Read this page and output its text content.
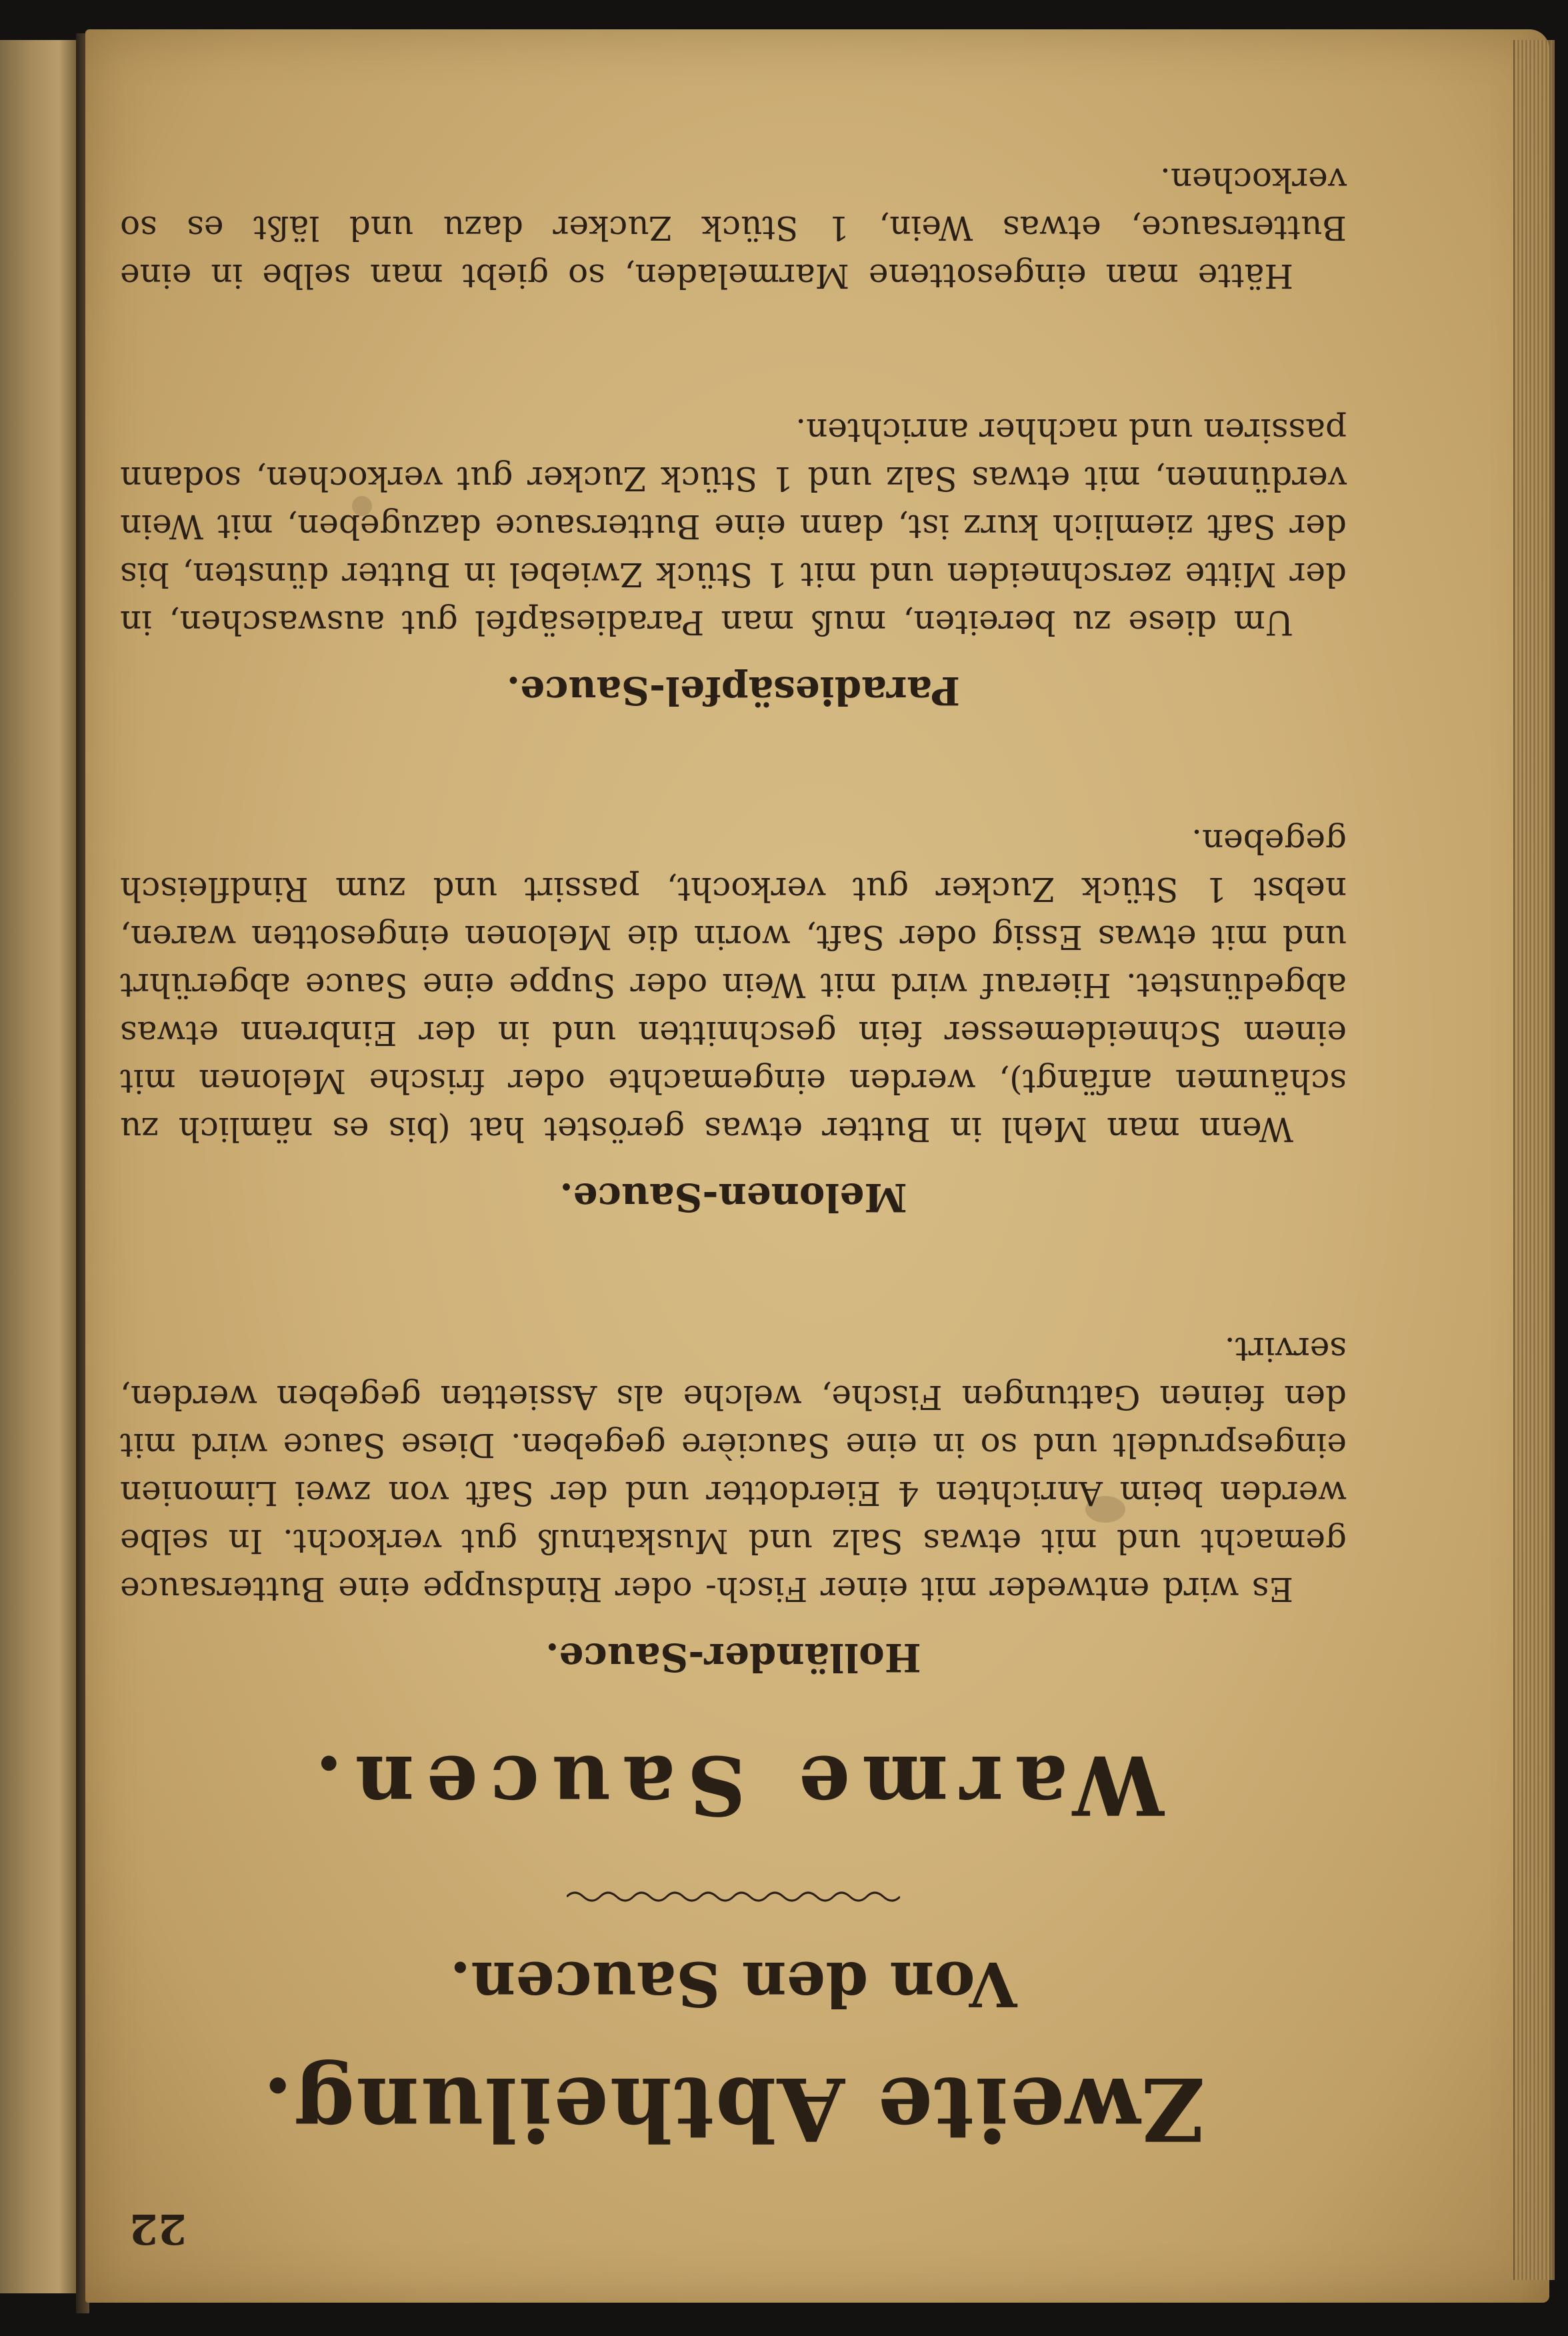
22
Zweite Abtheilung.
Von den Saucen.
Warme Saucen.
Holländer-Sauce.

Es wird entweder mit einer Fisch- oder Rindsuppe eine Buttersauce gemacht und mit etwas Salz und Muskatnuß gut verkocht. In selbe werden beim Anrichten 4 Eierdotter und der Saft von zwei Limonien eingesprudelt und so in eine Saucière gegeben. Diese Sauce wird mit den feinen Gattungen Fische, welche als Assietten gegeben werden, servirt.

Melonen-Sauce.

Wenn man Mehl in Butter etwas geröstet hat (bis es nämlich zu schäumen anfängt), werden eingemachte oder frische Melonen mit einem Schneidemesser fein geschnitten und in der Einbrenn etwas abgedünstet. Hierauf wird mit Wein oder Suppe eine Sauce abgerührt und mit etwas Essig oder Saft, worin die Melonen eingesotten waren, nebst 1 Stück Zucker gut verkocht, passirt und zum Rindfleisch gegeben.

Paradiesäpfel-Sauce.

Um diese zu bereiten, muß man Paradiesäpfel gut auswaschen, in der Mitte zerschneiden und mit 1 Stück Zwiebel in Butter dünsten, bis der Saft ziemlich kurz ist, dann eine Buttersauce dazugeben, mit Wein verdünnen, mit etwas Salz und 1 Stück Zucker gut verkochen, sodann passiren und nachher anrichten.

Hätte man eingesottene Marmeladen, so giebt man selbe in eine Buttersauce, etwas Wein, 1 Stück Zucker dazu und läßt es so verkochen.
